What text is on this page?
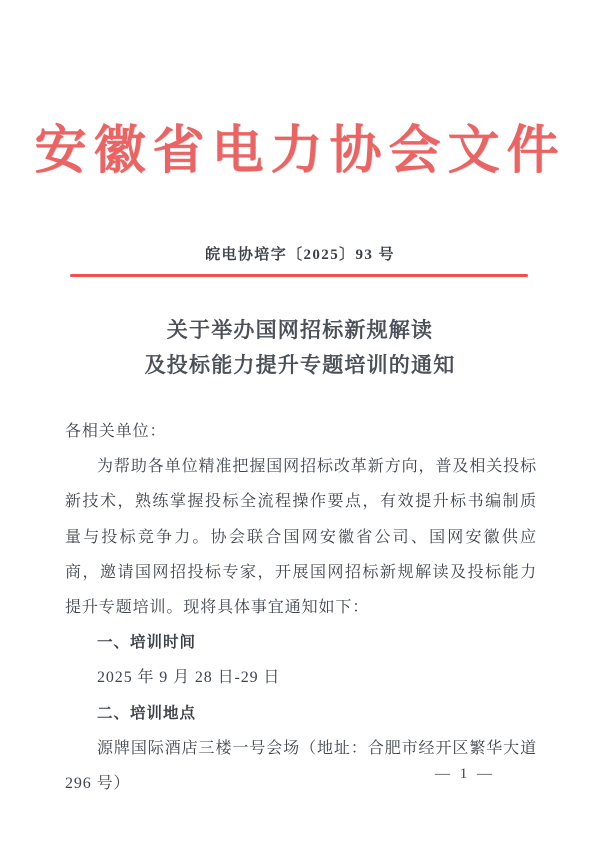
安徽省电力协会文件
皖电协培字〔2025〕93 号
关于举办国网招标新规解读
及投标能力提升专题培训的通知

各相关单位：

为帮助各单位精准把握国网招标改革新方向，普及相关投标新技术，熟练掌握投标全流程操作要点，有效提升标书编制质量与投标竞争力。协会联合国网安徽省公司、国网安徽供应商，邀请国网招投标专家，开展国网招标新规解读及投标能力提升专题培训。现将具体事宜通知如下：

一、培训时间

2025 年 9 月 28 日-29 日

二、培训地点

源牌国际酒店三楼一号会场（地址：合肥市经开区繁华大道 296 号）

— 1 —
